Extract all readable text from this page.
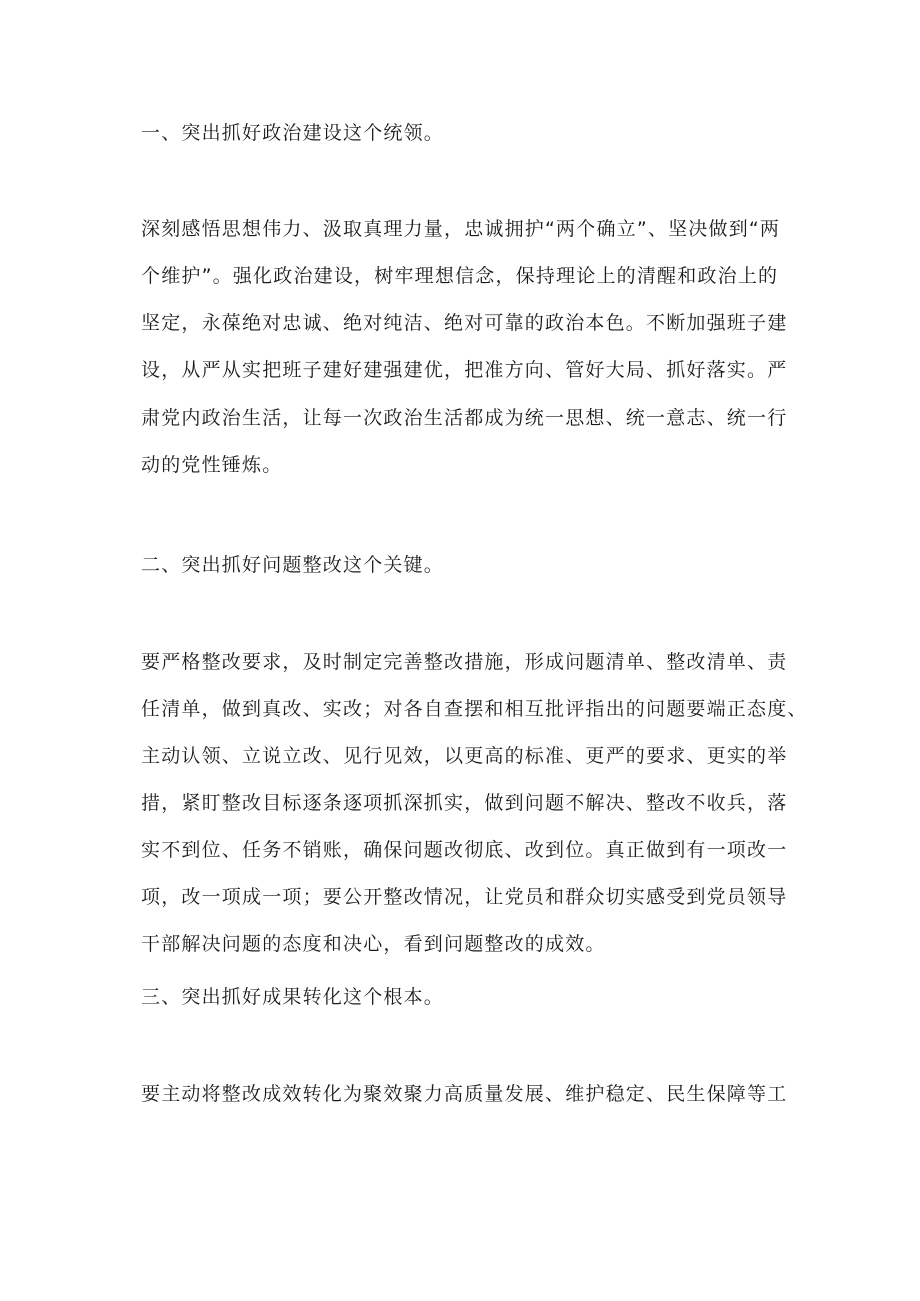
一、突出抓好政治建设这个统领。
深刻感悟思想伟力、汲取真理力量，忠诚拥护“两个确立”、坚决做到“两
个维护”。强化政治建设，树牢理想信念，保持理论上的清醒和政治上的
坚定，永葆绝对忠诚、绝对纯洁、绝对可靠的政治本色。不断加强班子建
设，从严从实把班子建好建强建优，把准方向、管好大局、抓好落实。严
肃党内政治生活，让每一次政治生活都成为统一思想、统一意志、统一行
动的党性锤炼。
二、突出抓好问题整改这个关键。
要严格整改要求，及时制定完善整改措施，形成问题清单、整改清单、责
任清单，做到真改、实改；对各自查摆和相互批评指出的问题要端正态度、
主动认领、立说立改、见行见效，以更高的标准、更严的要求、更实的举
措，紧盯整改目标逐条逐项抓深抓实，做到问题不解决、整改不收兵，落
实不到位、任务不销账，确保问题改彻底、改到位。真正做到有一项改一
项，改一项成一项；要公开整改情况，让党员和群众切实感受到党员领导
干部解决问题的态度和决心，看到问题整改的成效。
三、突出抓好成果转化这个根本。
要主动将整改成效转化为聚效聚力高质量发展、维护稳定、民生保障等工
